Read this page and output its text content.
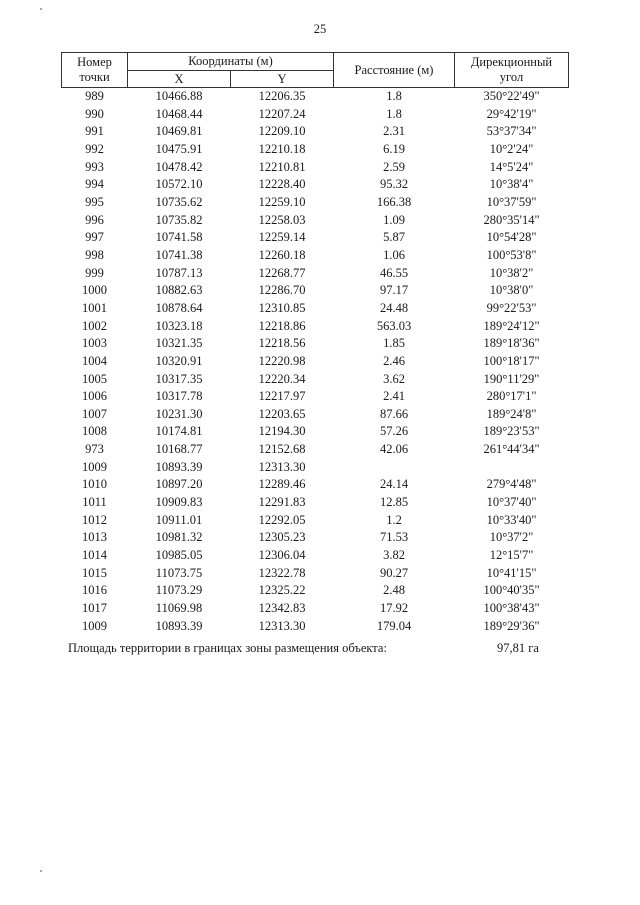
25
Номер
точки	Координаты (м)		Расстояние (м)	Дирекционный
угол
	X	Y		
989	10466.88	12206.35	1.8	350°22'49"
990	10468.44	12207.24	1.8	29°42'19"
991	10469.81	12209.10	2.31	53°37'34"
992	10475.91	12210.18	6.19	10°2'24"
993	10478.42	12210.81	2.59	14°5'24"
994	10572.10	12228.40	95.32	10°38'4"
995	10735.62	12259.10	166.38	10°37'59"
996	10735.82	12258.03	1.09	280°35'14"
997	10741.58	12259.14	5.87	10°54'28"
998	10741.38	12260.18	1.06	100°53'8"
999	10787.13	12268.77	46.55	10°38'2"
1000	10882.63	12286.70	97.17	10°38'0"
1001	10878.64	12310.85	24.48	99°22'53"
1002	10323.18	12218.86	563.03	189°24'12"
1003	10321.35	12218.56	1.85	189°18'36"
1004	10320.91	12220.98	2.46	100°18'17"
1005	10317.35	12220.34	3.62	190°11'29"
1006	10317.78	12217.97	2.41	280°17'1"
1007	10231.30	12203.65	87.66	189°24'8"
1008	10174.81	12194.30	57.26	189°23'53"
973	10168.77	12152.68	42.06	261°44'34"
1009	10893.39	12313.30		
1010	10897.20	12289.46	24.14	279°4'48"
1011	10909.83	12291.83	12.85	10°37'40"
1012	10911.01	12292.05	1.2	10°33'40"
1013	10981.32	12305.23	71.53	10°37'2"
1014	10985.05	12306.04	3.82	12°15'7"
1015	11073.75	12322.78	90.27	10°41'15"
1016	11073.29	12325.22	2.48	100°40'35"
1017	11069.98	12342.83	17.92	100°38'43"
1009	10893.39	12313.30	179.04	189°29'36"
Площадь территории в границах зоны размещения объекта:	97,81 га
